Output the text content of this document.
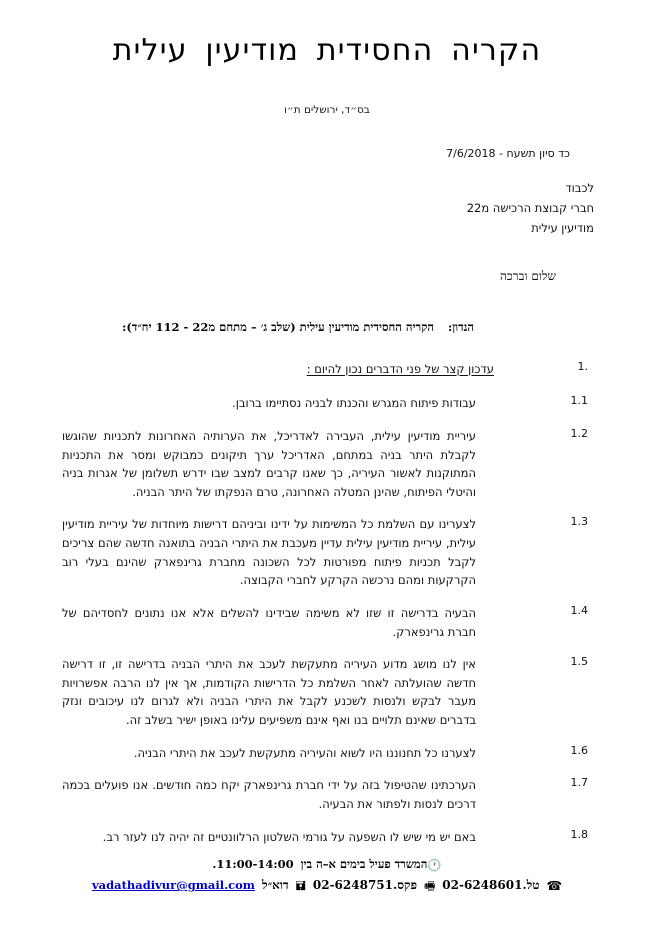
הקריה החסידית מודיעין עילית
בס״ד, ירושלים ת״ו
כד סיון תשעח - 7/6/2018
לכבוד
חברי קבוצת הרכישה מ22
מודיעין עילית
שלום וברכה
הנדון:הקריה החסידית מודיעין עילית (שלב ג׳ – מתחם מ22 - 112 יח״ד):
1.
עדכון קצר של פני הדברים נכון להיום :
1.1
עבודות פיתוח המגרש והכנתו לבניה נסתיימו ברובן.
1.2
עיריית מודיעין עילית, העבירה לאדריכל, את הערותיה האחרונות לתכניות שהוגשו לקבלת היתר בניה במתחם, האדריכל ערך תיקונים כמבוקש ומסר את התכניות המתוקנות לאשור העיריה, כך שאנו קרבים למצב שבו ידרש תשלומן של אגרות בניה והיטלי הפיתוח, שהינן המטלה האחרונה, טרם הנפקתו של היתר הבניה.
1.3
לצערינו עם השלמת כל המשימות על ידינו וביניהם דרישות מיוחדות של עיריית מודיעין עילית, עיריית מודיעין עילית עדיין מעכבת את היתרי הבניה בתואנה חדשה שהם צריכים לקבל תכניות פיתוח מפורטות לכל השכונה מחברת גרינפארק שהינם בעלי רוב הקרקעות ומהם נרכשה הקרקע לחברי הקבוצה.
1.4
הבעיה בדרישה זו שזו לא משימה שבידינו להשלים אלא אנו נתונים לחסדיהם של חברת גרינפארק.
1.5
אין לנו מושג מדוע העיריה מתעקשת לעכב את היתרי הבניה בדרישה זו, זו דרישה חדשה שהועלתה לאחר השלמת כל הדרישות הקודמות, אך אין לנו הרבה אפשרויות מעבר לבקש ולנסות לשכנע לקבל את היתרי הבניה ולא לגרום לנו עיכובים ונזק בדברים שאינם תלויים בנו ואף אינם משפיעים עלינו באופן ישיר בשלב זה.
1.6
לצערנו כל תחנוננו היו לשוא והעיריה מתעקשת לעכב את היתרי הבניה.
1.7
הערכתינו שהטיפול בזה על ידי חברת גרינפארק יקח כמה חודשים. אנו פועלים בכמה דרכים לנסות ולפתור את הבעיה.
1.8
באם יש מי שיש לו השפעה על גורמי השלטון הרלוונטיים זה יהיה לנו לעזר רב.
🕐המשרד פעיל בימים א–ה בין11:00-14:00.
☎טל.02-6248601🖷פקס.02-6248751🖬דוא״לvadathadivur@gmail.com
